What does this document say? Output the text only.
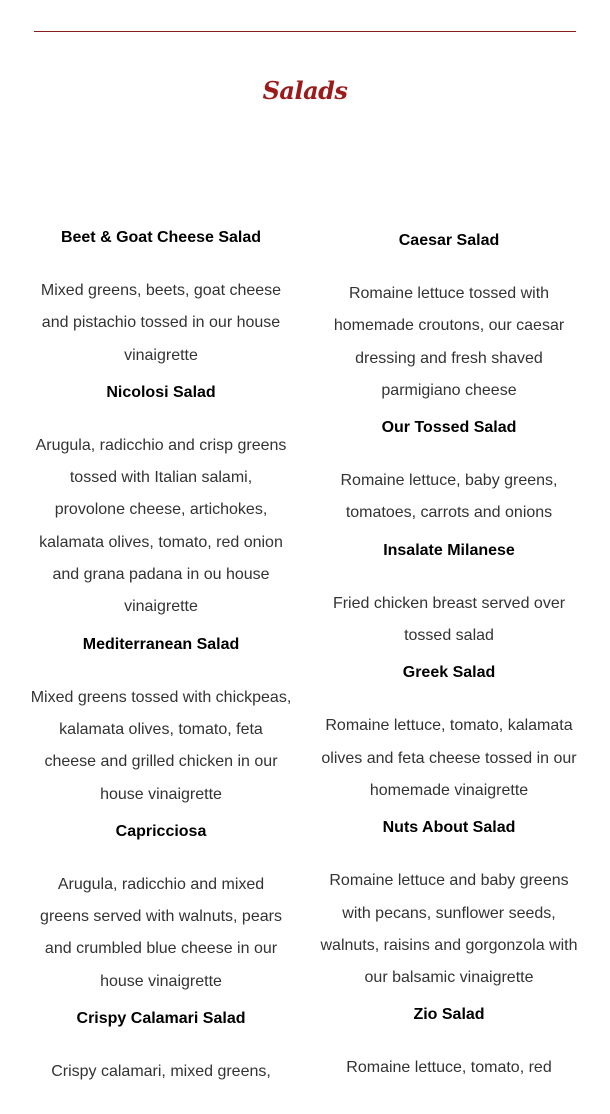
Salads

Beet & Goat Cheese Salad

Mixed greens, beets, goat cheese
and pistachio tossed in our house
vinaigrette

Nicolosi Salad

Arugula, radicchio and crisp greens
tossed with Italian salami,
provolone cheese, artichokes,
kalamata olives, tomato, red onion
and grana padana in ou house
vinaigrette

Mediterranean Salad

Mixed greens tossed with chickpeas,
kalamata olives, tomato, feta
cheese and grilled chicken in our
house vinaigrette

Capricciosa

Arugula, radicchio and mixed
greens served with walnuts, pears
and crumbled blue cheese in our
house vinaigrette

Crispy Calamari Salad

Crispy calamari, mixed greens,

Caesar Salad

Romaine lettuce tossed with
homemade croutons, our caesar
dressing and fresh shaved
parmigiano cheese

Our Tossed Salad

Romaine lettuce, baby greens,
tomatoes, carrots and onions

Insalate Milanese

Fried chicken breast served over
tossed salad

Greek Salad

Romaine lettuce, tomato, kalamata
olives and feta cheese tossed in our
homemade vinaigrette

Nuts About Salad

Romaine lettuce and baby greens
with pecans, sunflower seeds,
walnuts, raisins and gorgonzola with
our balsamic vinaigrette

Zio Salad

Romaine lettuce, tomato, red
